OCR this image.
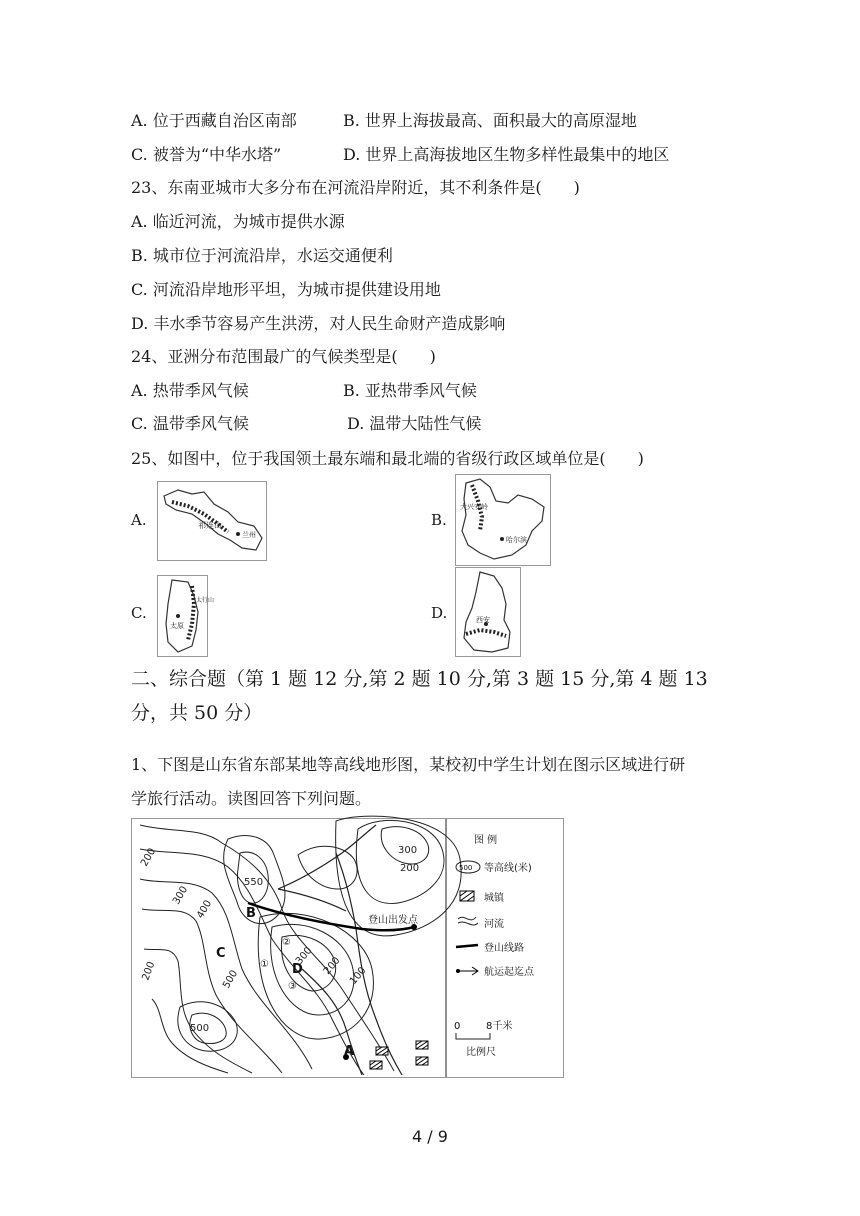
A. 位于西藏自治区南部	B. 世界上海拔最高、面积最大的高原湿地
C. 被誉为“中华水塔”	D. 世界上高海拔地区生物多样性最集中的地区
23、东南亚城市大多分布在河流沿岸附近，其不利条件是(　　)
A. 临近河流，为城市提供水源
B. 城市位于河流沿岸，水运交通便利
C. 河流沿岸地形平坦，为城市提供建设用地
D. 丰水季节容易产生洪涝，对人民生命财产造成影响
24、亚洲分布范围最广的气候类型是(　　)
A. 热带季风气候	B. 亚热带季风气候
C. 温带季风气候	D. 温带大陆性气候
25、如图中，位于我国领土最东端和最北端的省级行政区域单位是(　　)
A.	祁连山
兰州
B.
大兴安岭
哈尔滨
C.
太原
太行山
D.	西安
二、综合题（第 1 题 12 分,第 2 题 10 分,第 3 题 15 分,第 4 题 13
分，共 50 分）
1、下图是山东省东部某地等高线地形图，某校初中学生计划在图示区域进行研
学旅行活动。读图回答下列问题。
200
300
400
500
550
300
200
100
300 200
500
200
B
C
D
A
②
①
③
登山出发点
图 例
500 等高线(米)
城镇
河流
登山线路
航运起迄点
0	8千米
比例尺
4 / 9
